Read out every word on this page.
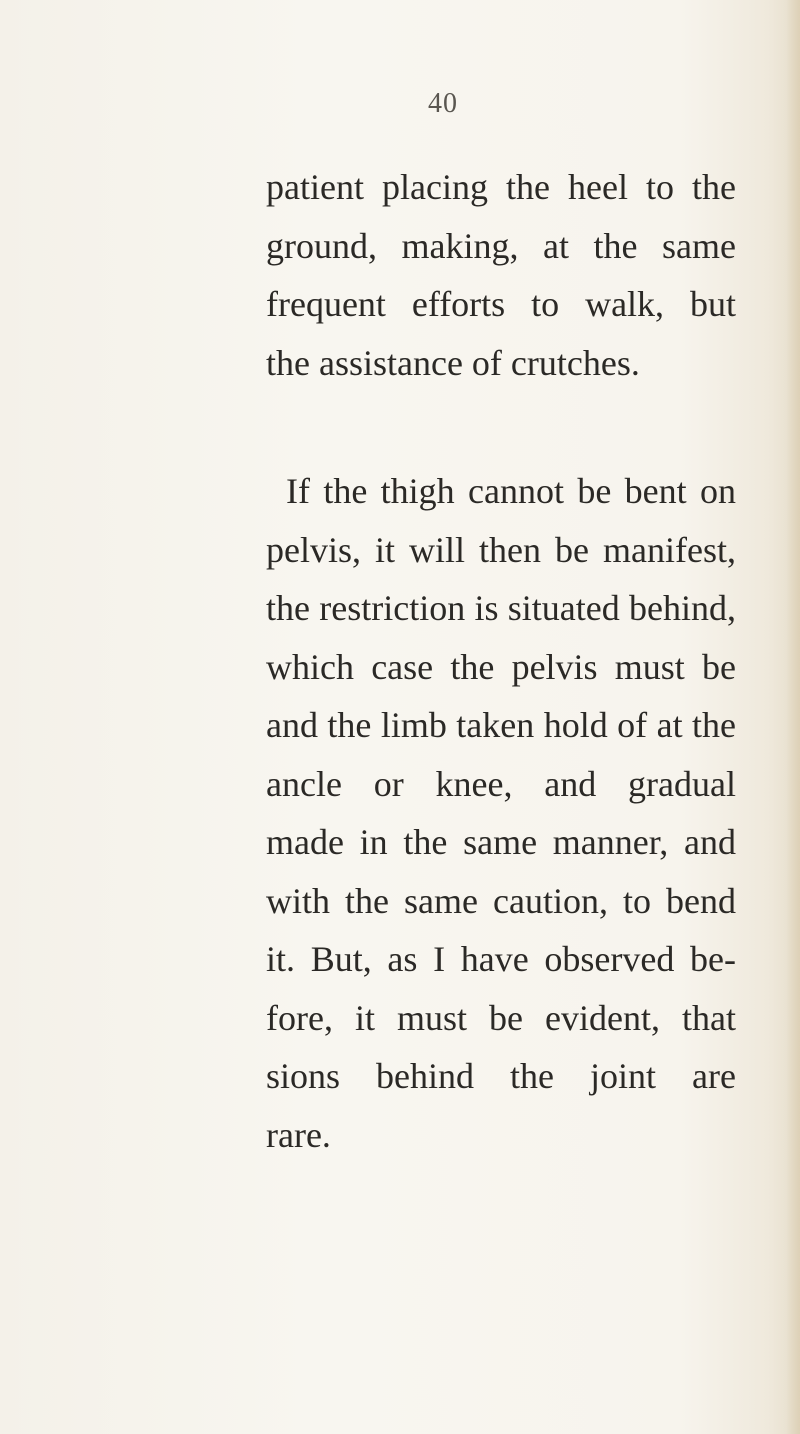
40
patient placing the heel to the
ground, making, at the same
frequent efforts to walk, but
the assistance of crutches.
If the thigh cannot be bent on
pelvis, it will then be manifest,
the restriction is situated behind,
which case the pelvis must be
and the limb taken hold of at the
ancle or knee, and gradual
made in the same manner, and
with the same caution, to bend
it. But, as I have observed be-
fore, it must be evident, that
sions behind the joint are
rare.
